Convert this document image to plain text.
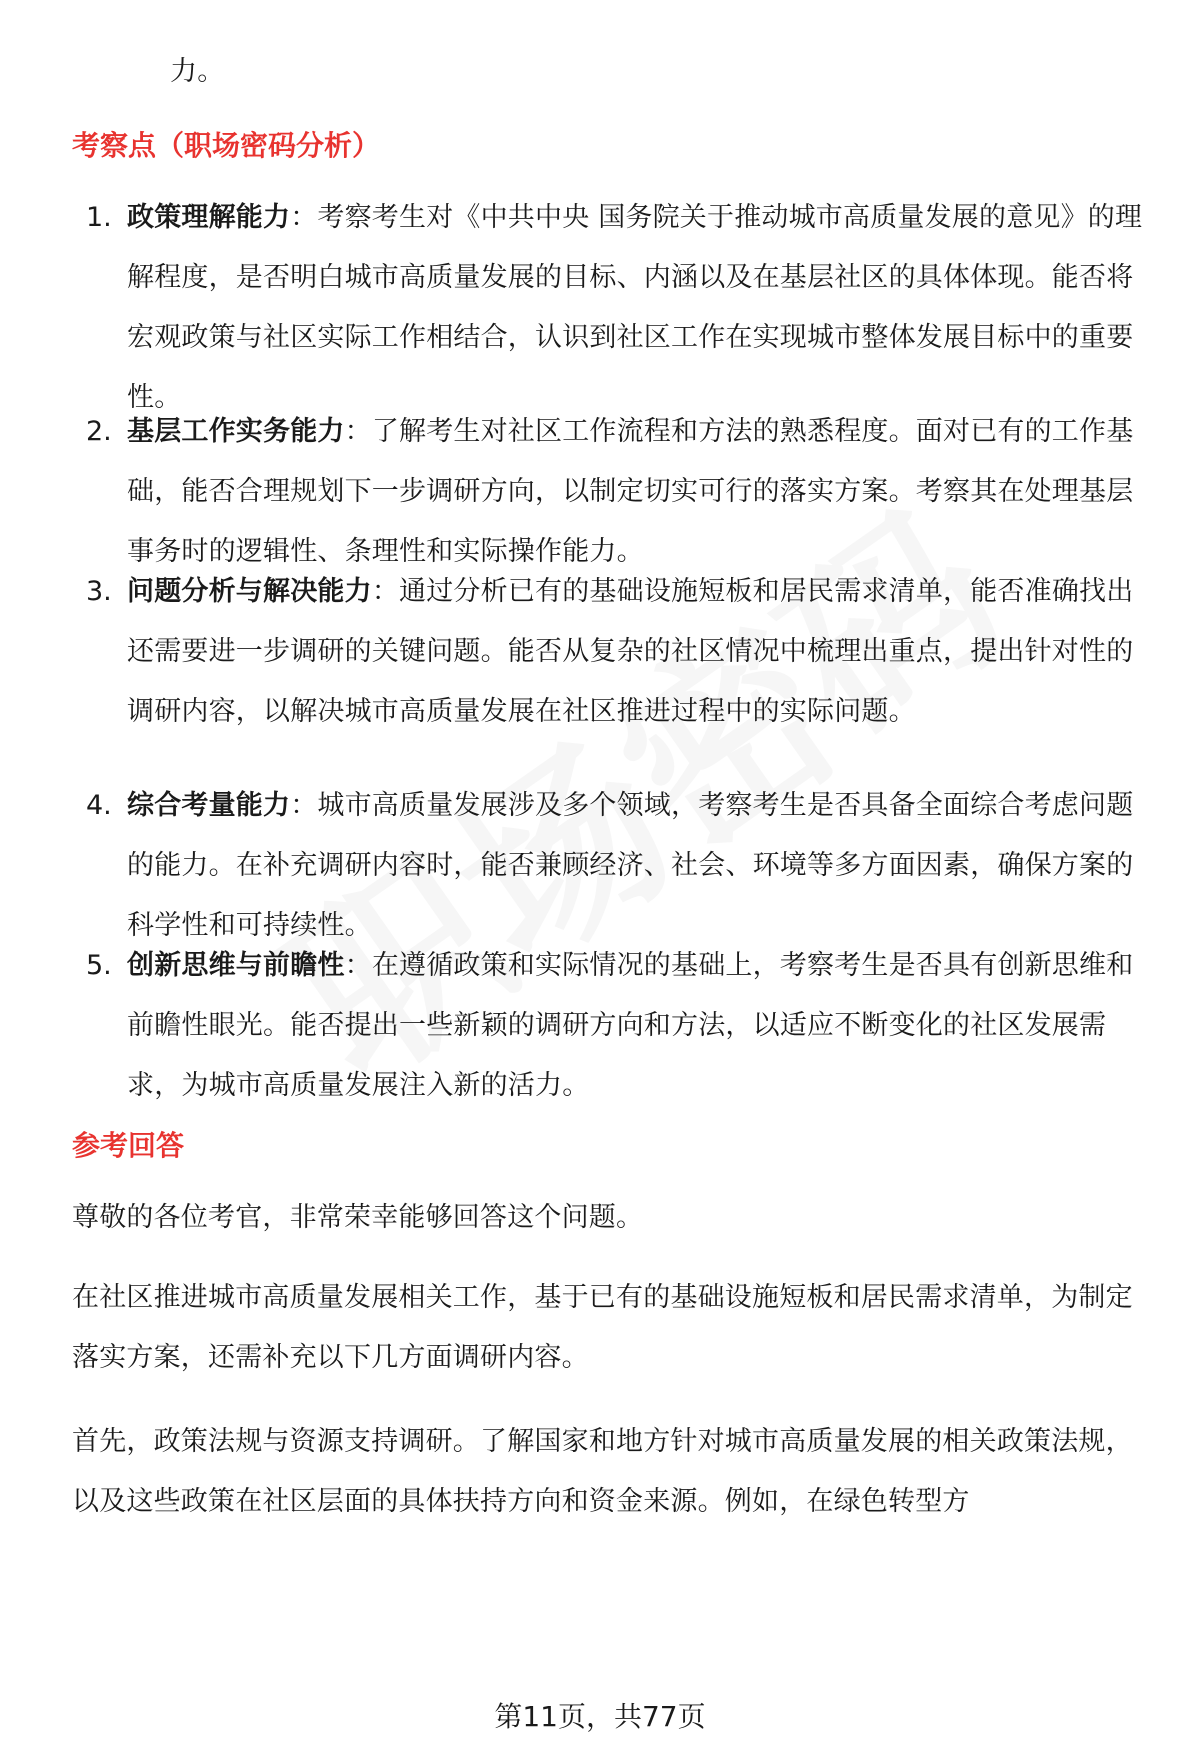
力。
考察点（职场密码分析）
1. 政策理解能力：考察考生对《中共中央 国务院关于推动城市高质量发展的意见》的理解程度，是否明白城市高质量发展的目标、内涵以及在基层社区的具体体现。能否将宏观政策与社区实际工作相结合，认识到社区工作在实现城市整体发展目标中的重要性。
2. 基层工作实务能力：了解考生对社区工作流程和方法的熟悉程度。面对已有的工作基础，能否合理规划下一步调研方向，以制定切实可行的落实方案。考察其在处理基层事务时的逻辑性、条理性和实际操作能力。
3. 问题分析与解决能力：通过分析已有的基础设施短板和居民需求清单，能否准确找出还需要进一步调研的关键问题。能否从复杂的社区情况中梳理出重点，提出针对性的调研内容，以解决城市高质量发展在社区推进过程中的实际问题。
4. 综合考量能力：城市高质量发展涉及多个领域，考察考生是否具备全面综合考虑问题的能力。在补充调研内容时，能否兼顾经济、社会、环境等多方面因素，确保方案的科学性和可持续性。
5. 创新思维与前瞻性：在遵循政策和实际情况的基础上，考察考生是否具有创新思维和前瞻性眼光。能否提出一些新颖的调研方向和方法，以适应不断变化的社区发展需求，为城市高质量发展注入新的活力。
参考回答
尊敬的各位考官，非常荣幸能够回答这个问题。
在社区推进城市高质量发展相关工作，基于已有的基础设施短板和居民需求清单，为制定落实方案，还需补充以下几方面调研内容。
首先，政策法规与资源支持调研。了解国家和地方针对城市高质量发展的相关政策法规，以及这些政策在社区层面的具体扶持方向和资金来源。例如，在绿色转型方
第11页，共77页
